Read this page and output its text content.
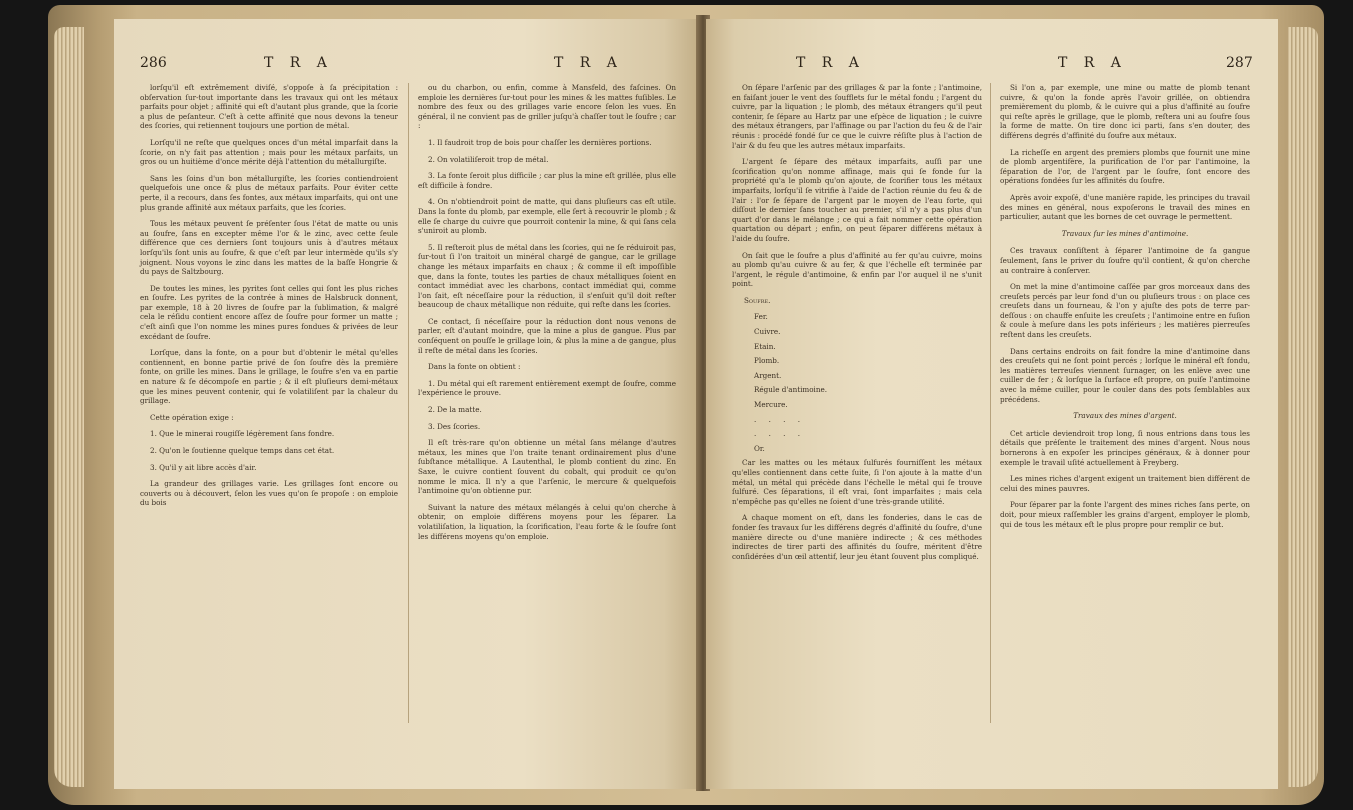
286	T R A	T R A

lorſqu'il eſt extrêmement diviſé, s'oppoſe à ſa précipitation : obſervation ſur-tout importante dans les travaux qui ont les métaux parfaits pour objet ; affinité qui eſt d'autant plus grande, que la ſcorie a plus de peſanteur. C'eſt à cette affinité que nous devons la teneur des ſcories, qui retiennent toujours une portion de métal.

Lorſqu'il ne reſte que quelques onces d'un métal imparfait dans la ſcorie, on n'y fait pas attention ; mais pour les métaux parfaits, un gros ou un huitième d'once mérite déjà l'attention du métallurgiſte.

Sans les ſoins d'un bon métallurgiſte, les ſcories contiendroient quelquefois une once & plus de métaux parfaits. Pour éviter cette perte, il a recours, dans ſes fontes, aux métaux imparfaits, qui ont une plus grande affinité aux métaux parfaits, que les ſcories.

Tous les métaux peuvent ſe préſenter ſous l'état de matte ou unis au ſoufre, ſans en excepter même l'or & le zinc, avec cette ſeule différence que ces derniers ſont toujours unis à d'autres métaux lorſqu'ils ſont unis au ſoufre, & que c'eſt par leur intermède qu'ils s'y joignent. Nous voyons le zinc dans les mattes de la baſſe Hongrie & du pays de Saltzbourg.

De toutes les mines, les pyrites ſont celles qui ſont les plus riches en ſoufre. Les pyrites de la contrée à mines de Halsbruck donnent, par exemple, 18 à 20 livres de ſoufre par la ſublimation, & malgré cela le réſidu contient encore aſſez de ſoufre pour former un matte ; c'eſt ainſi que l'on nomme les mines pures fondues & privées de leur excédant de ſoufre.

Lorſque, dans la fonte, on a pour but d'obtenir le métal qu'elles contiennent, en bonne partie privé de ſon ſoufre dès la première fonte, on grille les mines. Dans le grillage, le ſoufre s'en va en partie en nature & ſe décompoſe en partie ; & il eſt pluſieurs demi-métaux que les mines peuvent contenir, qui ſe volatiliſent par la chaleur du grillage.

Cette opération exige :

1. Que le minerai rougiſſe légèrement ſans fondre.

2. Qu'on le ſoutienne quelque temps dans cet état.

3. Qu'il y ait libre accès d'air.

La grandeur des grillages varie. Les grillages ſont encore ou couverts ou à découvert, ſelon les vues qu'on ſe propoſe : on emploie du bois

ou du charbon, ou enfin, comme à Mansfeld, des faſcines. On emploie les dernières ſur-tout pour les mines & les mattes fuſibles. Le nombre des feux ou des grillages varie encore ſelon les vues. En général, il ne convient pas de griller juſqu'à chaſſer tout le ſoufre ; car :

1. Il faudroit trop de bois pour chaſſer les dernières portions.

2. On volatiliſeroit trop de métal.

3. La fonte ſeroit plus difficile ; car plus la mine eſt grillée, plus elle eſt difficile à fondre.

4. On n'obtiendroit point de matte, qui dans pluſieurs cas eſt utile. Dans la fonte du plomb, par exemple, elle ſert à recouvrir le plomb ; & elle ſe charge du cuivre que pourroit contenir la mine, & qui ſans cela s'uniroit au plomb.

5. Il reſteroit plus de métal dans les ſcories, qui ne ſe réduiroit pas, ſur-tout ſi l'on traitoit un minéral chargé de gangue, car le grillage change les métaux imparfaits en chaux ; & comme il eſt impoſſible que, dans la fonte, toutes les parties de chaux métalliques ſoient en contact immédiat avec les charbons, contact immédiat qui, comme l'on ſait, eſt néceſſaire pour la réduction, il s'enſuit qu'il doit reſter beaucoup de chaux métallique non réduite, qui reſte dans les ſcories.

Ce contact, ſi néceſſaire pour la réduction dont nous venons de parler, eſt d'autant moindre, que la mine a plus de gangue. Plus par conſéquent on pouſſe le grillage loin, & plus la mine a de gangue, plus il reſte de métal dans les ſcories.

Dans la fonte on obtient :

1. Du métal qui eſt rarement entièrement exempt de ſoufre, comme l'expérience le prouve.

2. De la matte.

3. Des ſcories.

Il eſt très-rare qu'on obtienne un métal ſans mélange d'autres métaux, les mines que l'on traite tenant ordinairement plus d'une ſubſtance métallique. A Lautenthal, le plomb contient du zinc. En Saxe, le cuivre contient ſouvent du cobalt, qui produit ce qu'on nomme le mica. Il n'y a que l'arſenic, le mercure & quelquefois l'antimoine qu'on obtienne pur.

Suivant la nature des métaux mélangés à celui qu'on cherche à obtenir, on emploie différens moyens pour les ſéparer. La volatiliſation, la liquation, la ſcorification, l'eau forte & le ſoufre ſont les différens moyens qu'on emploie.

T R A	T R A	287

On ſépare l'arſenic par des grillages & par la fonte ; l'antimoine, en faiſant jouer le vent des ſoufflets ſur le métal fondu ; l'argent du cuivre, par la liquation ; le plomb, des métaux étrangers qu'il peut contenir, ſe ſépare au Hartz par une eſpèce de liquation ; le cuivre des métaux étrangers, par l'affinage ou par l'action du feu & de l'air réunis : procédé fondé ſur ce que le cuivre réſiſte plus à l'action de l'air & du feu que les autres métaux imparfaits.

L'argent ſe ſépare des métaux imparfaits, auſſi par une ſcorification qu'on nomme affinage, mais qui ſe fonde ſur la propriété qu'a le plomb qu'on ajoute, de ſcorifier tous les métaux imparfaits, lorſqu'il ſe vitrifie à l'aide de l'action réunie du feu & de l'air : l'or ſe ſépare de l'argent par le moyen de l'eau forte, qui diſſout le dernier ſans toucher au premier, s'il n'y a pas plus d'un quart d'or dans le mélange ; ce qui a fait nommer cette opération quartation ou départ ; enfin, on peut ſéparer différens métaux à l'aide du ſoufre.

On ſait que le ſoufre a plus d'affinité au fer qu'au cuivre, moins au plomb qu'au cuivre & au fer, & que l'échelle eſt terminée par l'argent, le régule d'antimoine, & enfin par l'or auquel il ne s'unit point.

Soufre.

Fer.

Cuivre.

Etain.

Plomb.

Argent.

Régule d'antimoine.

Mercure.

. . . .

. . . .

Or.

Car les mattes ou les métaux ſulfurés fourniſſent les métaux qu'elles contiennent dans cette ſuite, ſi l'on ajoute à la matte d'un métal, un métal qui précède dans l'échelle le métal qui ſe trouve ſulfuré. Ces ſéparations, il eſt vrai, ſont imparfaites ; mais cela n'empêche pas qu'elles ne ſoient d'une très-grande utilité.

A chaque moment on eſt, dans les fonderies, dans le cas de fonder ſes travaux ſur les différens degrés d'affinité du ſoufre, d'une manière directe ou d'une manière indirecte ; & ces méthodes indirectes de tirer parti des affinités du ſoufre, méritent d'être conſidérées d'un œil attentif, leur jeu étant ſouvent plus compliqué.

Si l'on a, par exemple, une mine ou matte de plomb tenant cuivre, & qu'on la fonde après l'avoir grillée, on obtiendra premièrement du plomb, & le cuivre qui a plus d'affinité au ſoufre qui reſte après le grillage, que le plomb, reſtera uni au ſoufre ſous la forme de matte. On tire donc ici parti, ſans s'en douter, des différens degrés d'affinité du ſoufre aux métaux.

La richeſſe en argent des premiers plombs que fournit une mine de plomb argentifère, la purification de l'or par l'antimoine, la ſéparation de l'or, de l'argent par le ſoufre, ſont encore des opérations fondées ſur les affinités du ſoufre.

Après avoir expoſé, d'une manière rapide, les principes du travail des mines en général, nous expoſerons le travail des mines en particulier, autant que les bornes de cet ouvrage le permettent.

Travaux ſur les mines d'antimoine.

Ces travaux conſiſtent à ſéparer l'antimoine de ſa gangue ſeulement, ſans le priver du ſoufre qu'il contient, & qu'on cherche au contraire à conſerver.

On met la mine d'antimoine caſſée par gros morceaux dans des creuſets percés par leur fond d'un ou pluſieurs trous : on place ces creuſets dans un fourneau, & l'on y ajuſte des pots de terre par-deſſous : on chauffe enſuite les creuſets ; l'antimoine entre en fuſion & coule à meſure dans les pots inférieurs ; les matières pierreuſes reſtent dans les creuſets.

Dans certains endroits on fait fondre la mine d'antimoine dans des creuſets qui ne ſont point percés ; lorſque le minéral eſt fondu, les matières terreuſes viennent ſurnager, on les enlève avec une cuiller de fer ; & lorſque la ſurface eſt propre, on puiſe l'antimoine avec la même cuiller, pour le couler dans des pots ſemblables aux précédens.

Travaux des mines d'argent.

Cet article deviendroit trop long, ſi nous entrions dans tous les détails que préſente le traitement des mines d'argent. Nous nous bornerons à en expoſer les principes généraux, & à donner pour exemple le travail uſité actuellement à Freyberg.

Les mines riches d'argent exigent un traitement bien différent de celui des mines pauvres.

Pour ſéparer par la fonte l'argent des mines riches ſans perte, on doit, pour mieux raſſembler les grains d'argent, employer le plomb, qui de tous les métaux eſt le plus propre pour remplir ce but.
